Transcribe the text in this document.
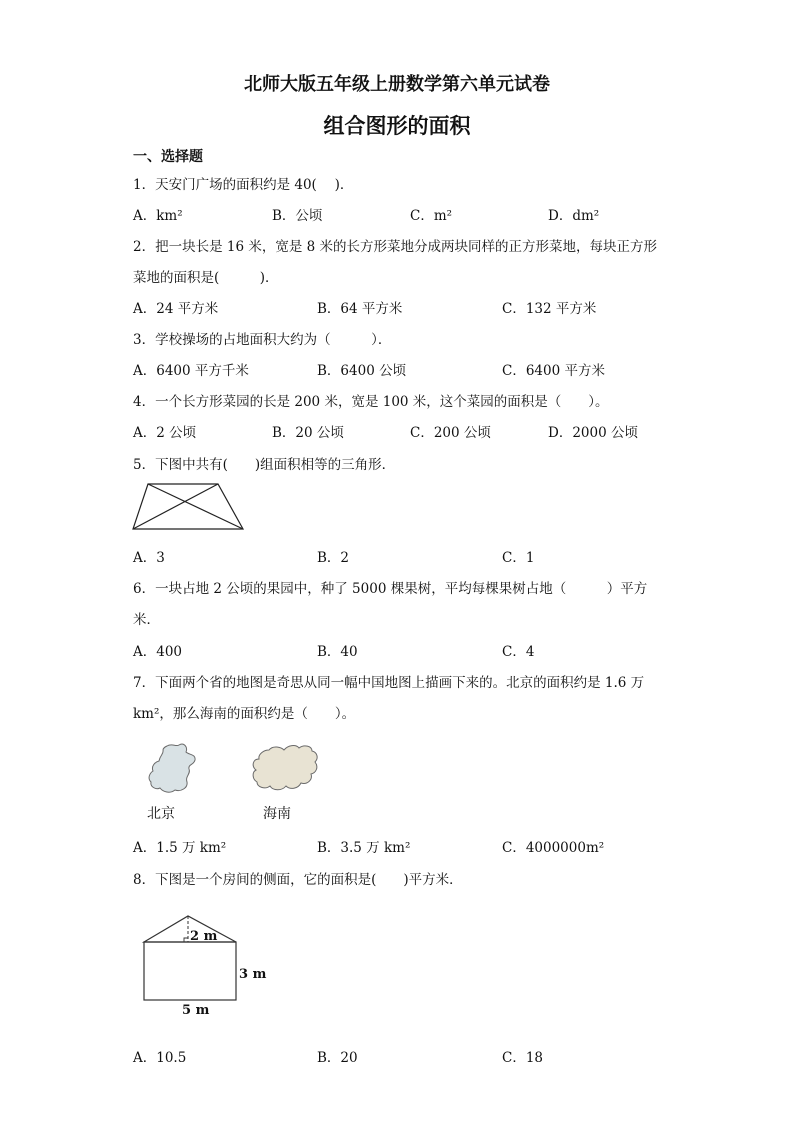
北师大版五年级上册数学第六单元试卷
组合图形的面积
一、选择题
1．天安门广场的面积约是 40(　 )．
A．km²	B．公顷	C．m²	D．dm²
2．把一块长是 16 米，宽是 8 米的长方形菜地分成两块同样的正方形菜地，每块正方形
菜地的面积是(　　　)．
A．24 平方米	B．64 平方米	C．132 平方米
3．学校操场的占地面积大约为（　　　）．
A．6400 平方千米	B．6400 公顷	C．6400 平方米
4．一个长方形菜园的长是 200 米，宽是 100 米，这个菜园的面积是（　　）。
A．2 公顷	B．20 公顷	C．200 公顷	D．2000 公顷
5．下图中共有(　　)组面积相等的三角形．
A．3	B．2	C．1
6．一块占地 2 公顷的果园中，种了 5000 棵果树，平均每棵果树占地（　　　）平方
米．
A．400	B．40	C．4
7．下面两个省的地图是奇思从同一幅中国地图上描画下来的。北京的面积约是 1.6 万
km²，那么海南的面积约是（　　）。
北京	海南
A．1.5 万 km²	B．3.5 万 km²	C．4000000m²
8．下图是一个房间的侧面，它的面积是(　　)平方米．
2 m
3 m
5 m
A．10.5	B．20	C．18
